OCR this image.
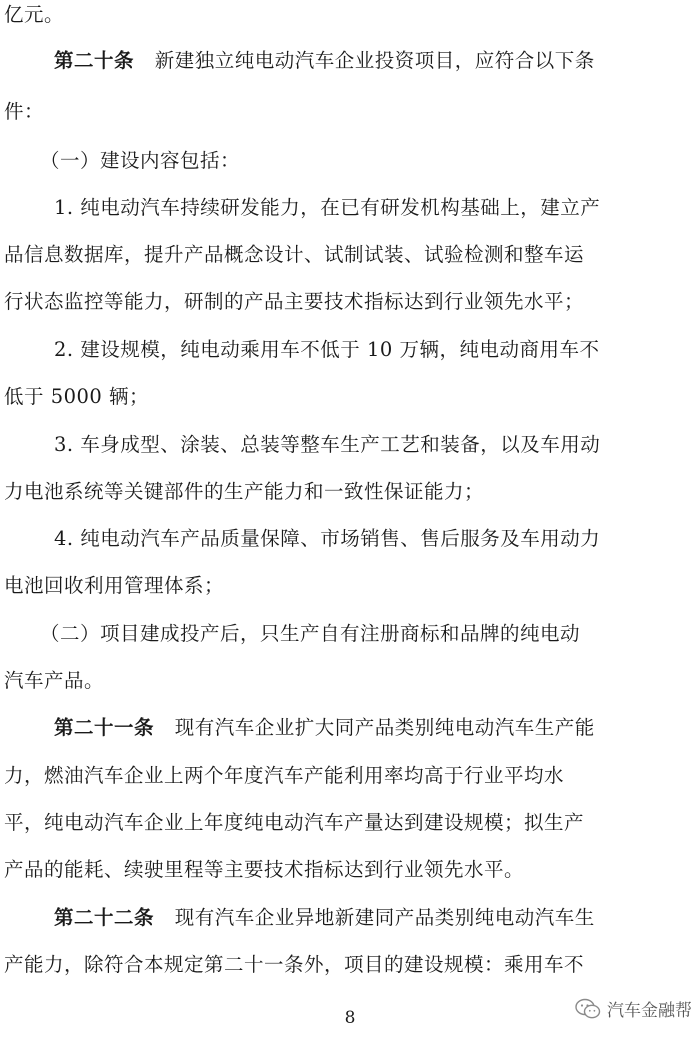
亿元。
第二十条 新建独立纯电动汽车企业投资项目，应符合以下条
件：
（一）建设内容包括：
1. 纯电动汽车持续研发能力，在已有研发机构基础上，建立产
品信息数据库，提升产品概念设计、试制试装、试验检测和整车运
行状态监控等能力，研制的产品主要技术指标达到行业领先水平；
2. 建设规模，纯电动乘用车不低于 10 万辆，纯电动商用车不
低于 5000 辆；
3. 车身成型、涂装、总装等整车生产工艺和装备，以及车用动
力电池系统等关键部件的生产能力和一致性保证能力；
4. 纯电动汽车产品质量保障、市场销售、售后服务及车用动力
电池回收利用管理体系；
（二）项目建成投产后，只生产自有注册商标和品牌的纯电动
汽车产品。
第二十一条 现有汽车企业扩大同产品类别纯电动汽车生产能
力，燃油汽车企业上两个年度汽车产能利用率均高于行业平均水
平，纯电动汽车企业上年度纯电动汽车产量达到建设规模；拟生产
产品的能耗、续驶里程等主要技术指标达到行业领先水平。
第二十二条 现有汽车企业异地新建同产品类别纯电动汽车生
产能力，除符合本规定第二十一条外，项目的建设规模：乘用车不
8	汽车金融帮
